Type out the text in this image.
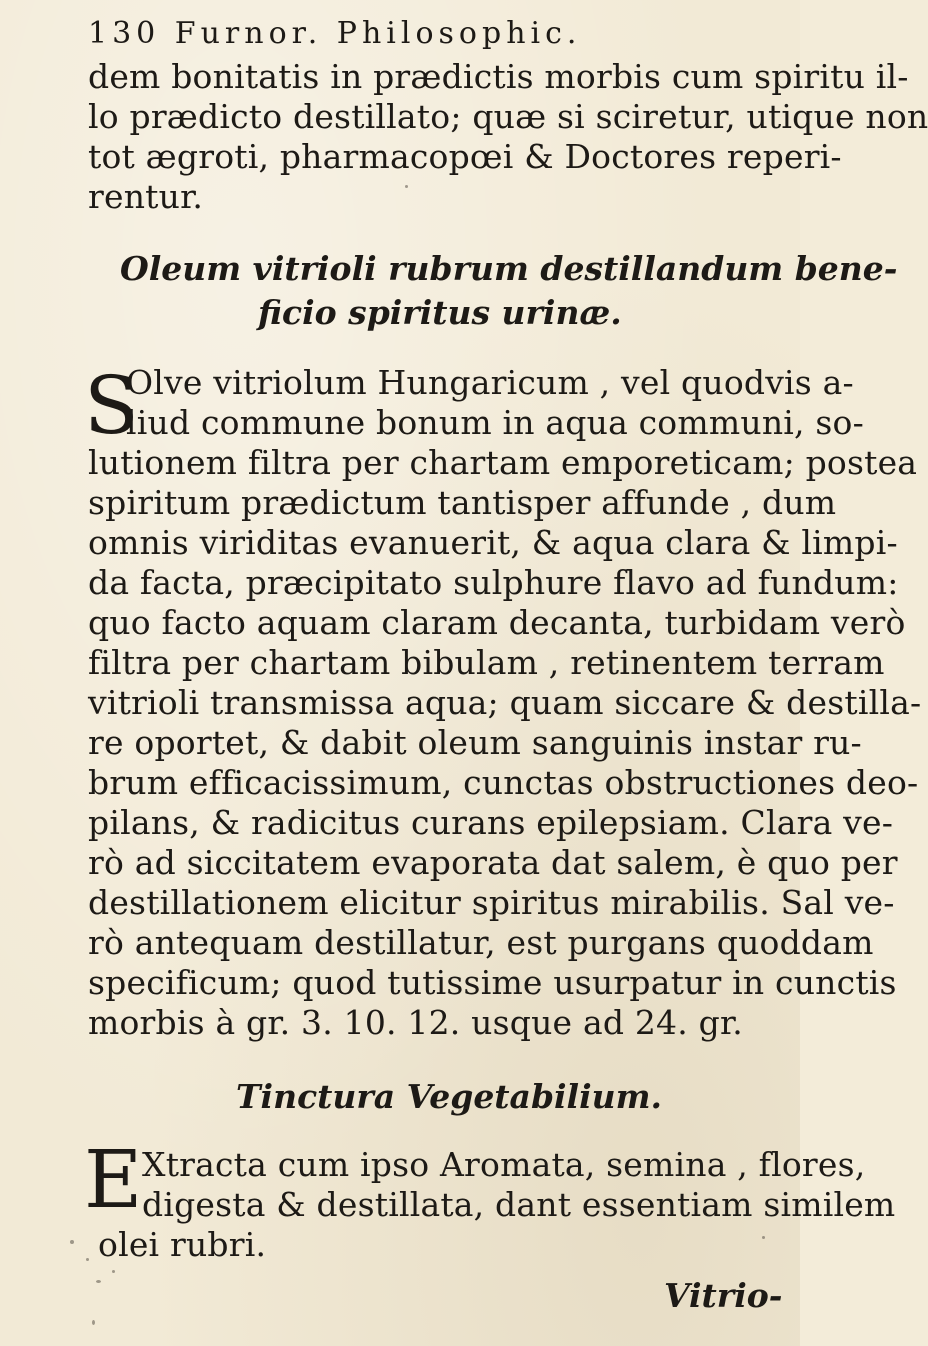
130 Furnor. Philosophic.
dem bonitatis in prædictis morbis cum spiritu il-
lo prædicto destillato; quæ si sciretur, utique non
tot ægroti, pharmacopœi & Doctores reperi-
rentur.
Oleum vitrioli rubrum destillandum bene-
ficio spiritus urinæ.
S
Olve vitriolum Hungaricum , vel quodvis a-
liud commune bonum in aqua communi, so-
lutionem filtra per chartam emporeticam; postea
spiritum prædictum tantisper affunde , dum
omnis viriditas evanuerit, & aqua clara & limpi-
da facta, præcipitato sulphure flavo ad fundum:
quo facto aquam claram decanta, turbidam verò
filtra per chartam bibulam , retinentem terram
vitrioli transmissa aqua; quam siccare & destilla-
re oportet, & dabit oleum sanguinis instar ru-
brum efficacissimum, cunctas obstructiones deo-
pilans, & radicitus curans epilepsiam. Clara ve-
rò ad siccitatem evaporata dat salem, è quo per
destillationem elicitur spiritus mirabilis. Sal ve-
rò antequam destillatur, est purgans quoddam
specificum; quod tutissime usurpatur in cunctis
morbis à gr. 3. 10. 12. usque ad 24. gr.
Tinctura Vegetabilium.
E Xtracta cum ipso Aromata, semina , flores,
digesta & destillata, dant essentiam similem
olei rubri.
Vitrio-
